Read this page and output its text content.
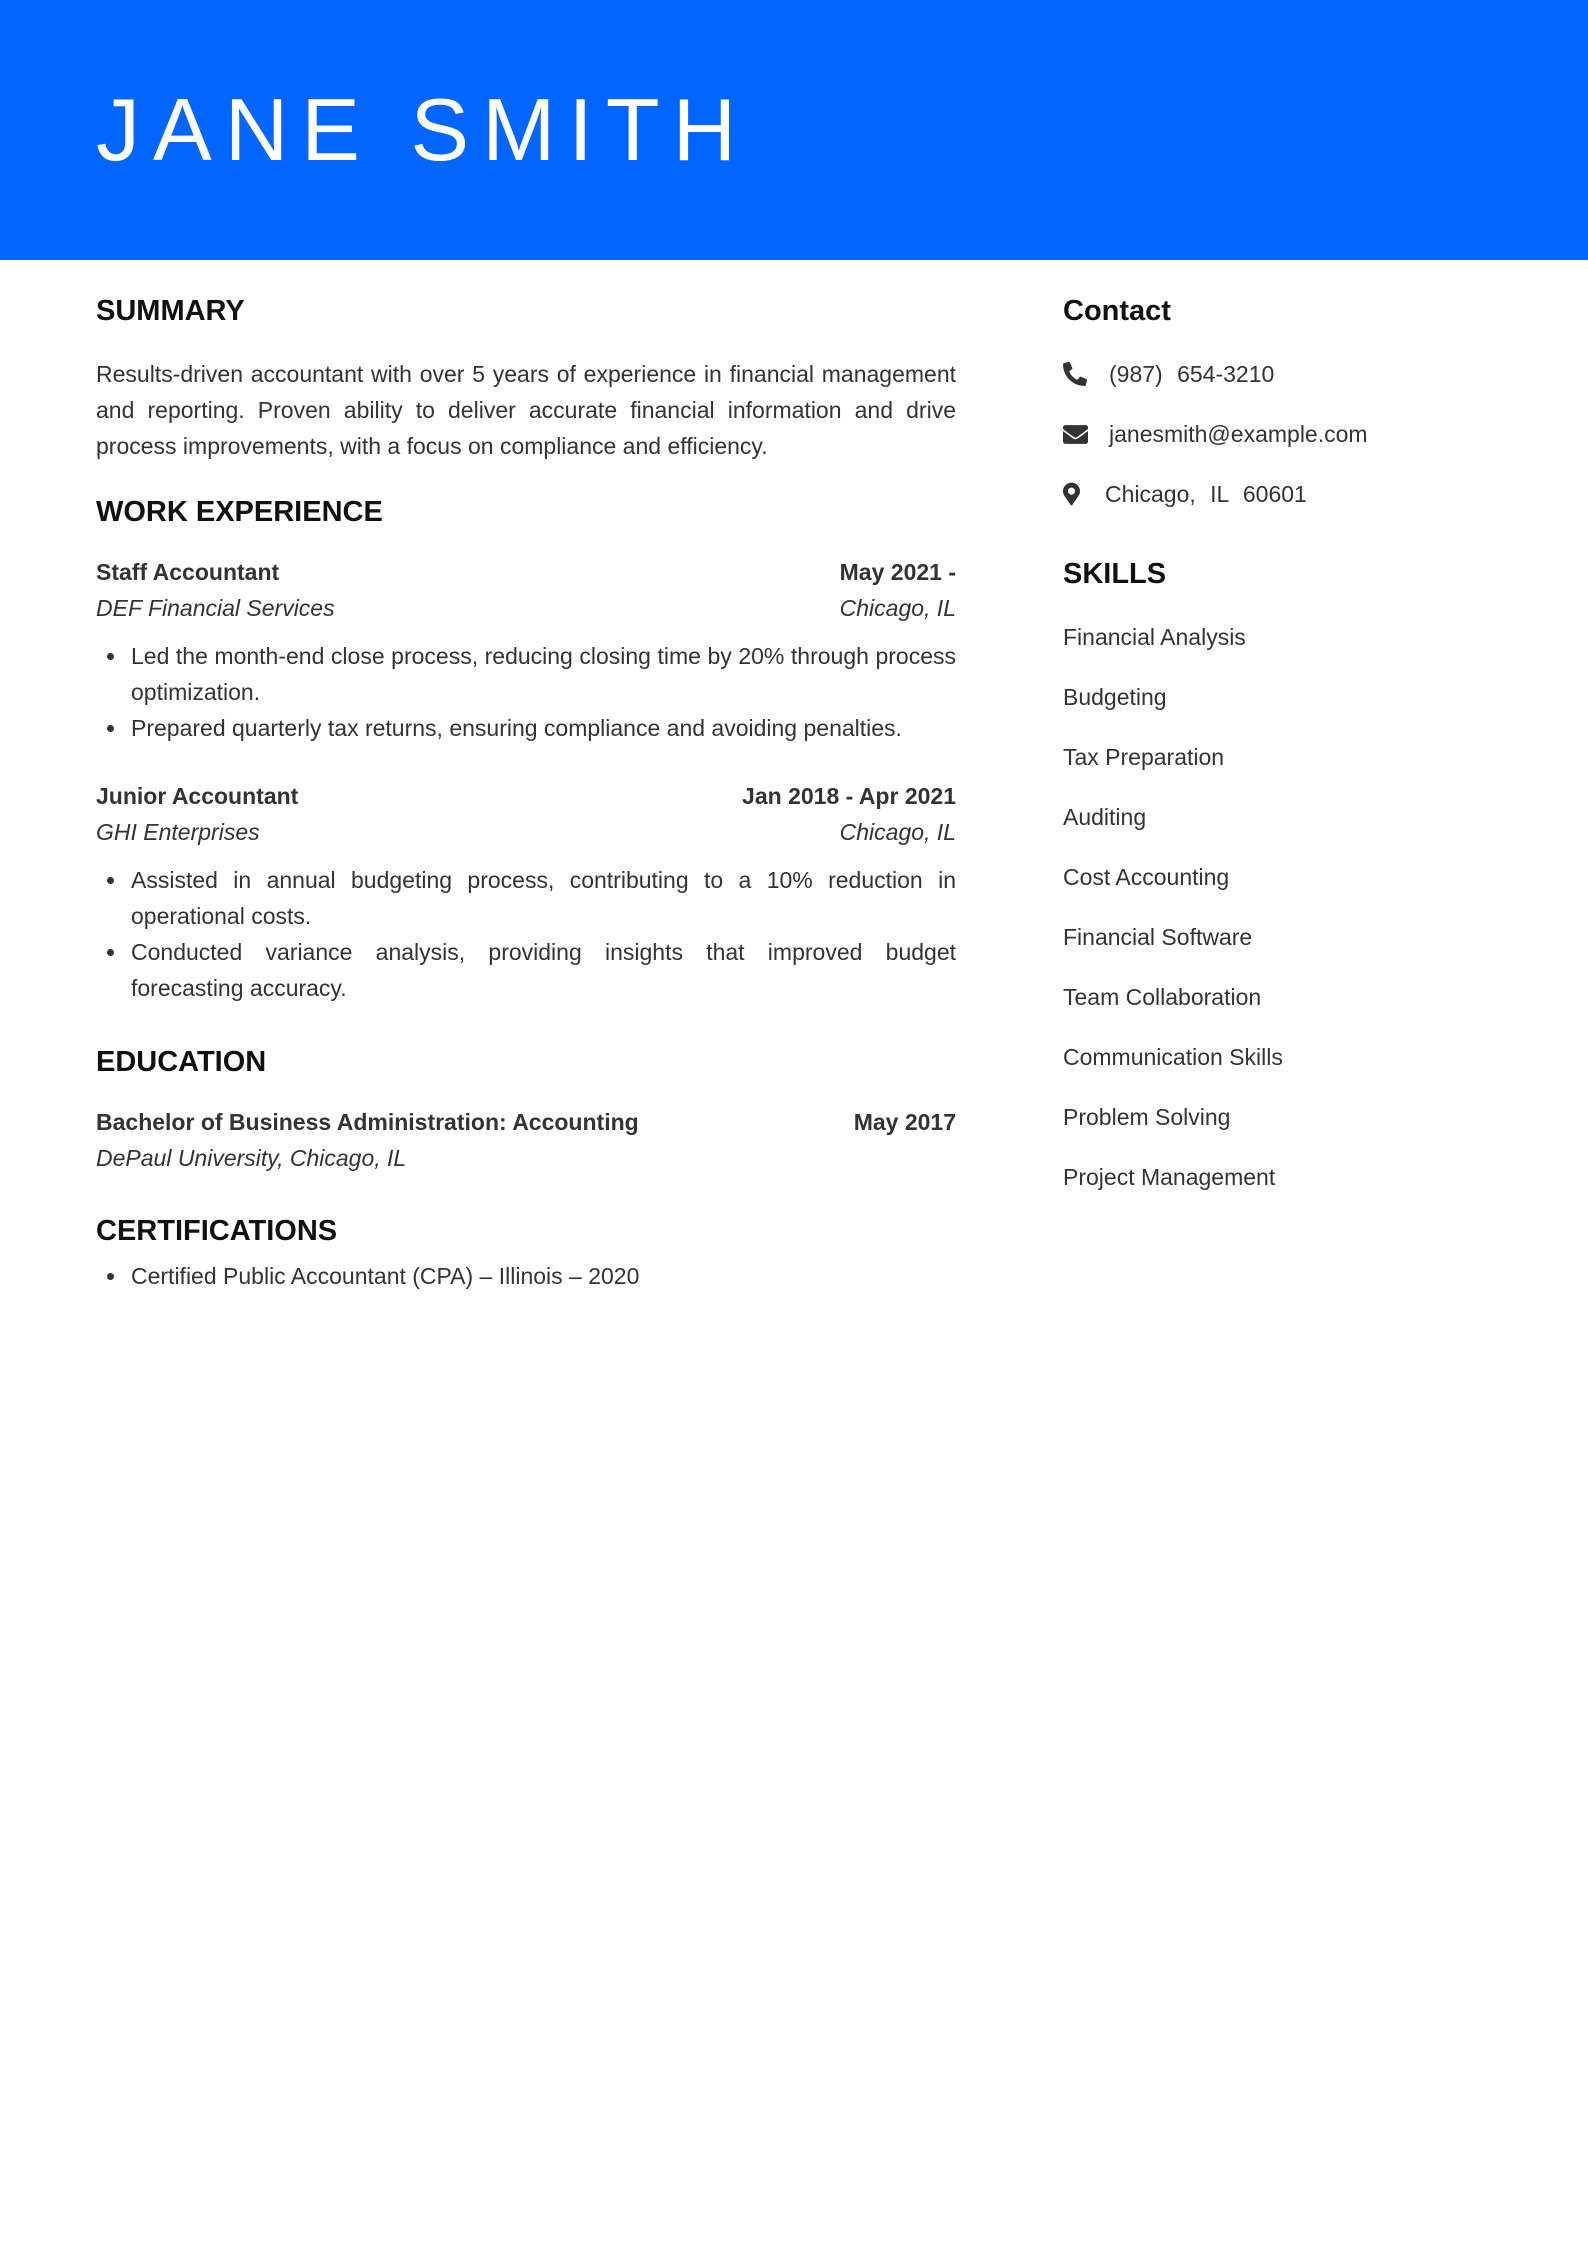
JANE SMITH
SUMMARY

Results-driven accountant with over 5 years of experience in financial management and reporting. Proven ability to deliver accurate financial information and drive process improvements, with a focus on compliance and efficiency.

WORK EXPERIENCE
Staff Accountant	May 2021 -
DEF Financial Services	Chicago, IL
Led the month-end close process, reducing closing time by 20% through process optimization.
Prepared quarterly tax returns, ensuring compliance and avoiding penalties.
Junior Accountant	Jan 2018 - Apr 2021
GHI Enterprises	Chicago, IL
Assisted in annual budgeting process, contributing to a 10% reduction in operational costs.
Conducted variance analysis, providing insights that improved budget forecasting accuracy.
EDUCATION
Bachelor of Business Administration: Accounting	May 2017
DePaul University, Chicago, IL
CERTIFICATIONS
Certified Public Accountant (CPA) – Illinois – 2020
Contact
(987) 654-3210
janesmith@example.com
Chicago, IL 60601
SKILLS
Financial Analysis
Budgeting
Tax Preparation
Auditing
Cost Accounting
Financial Software
Team Collaboration
Communication Skills
Problem Solving
Project Management
